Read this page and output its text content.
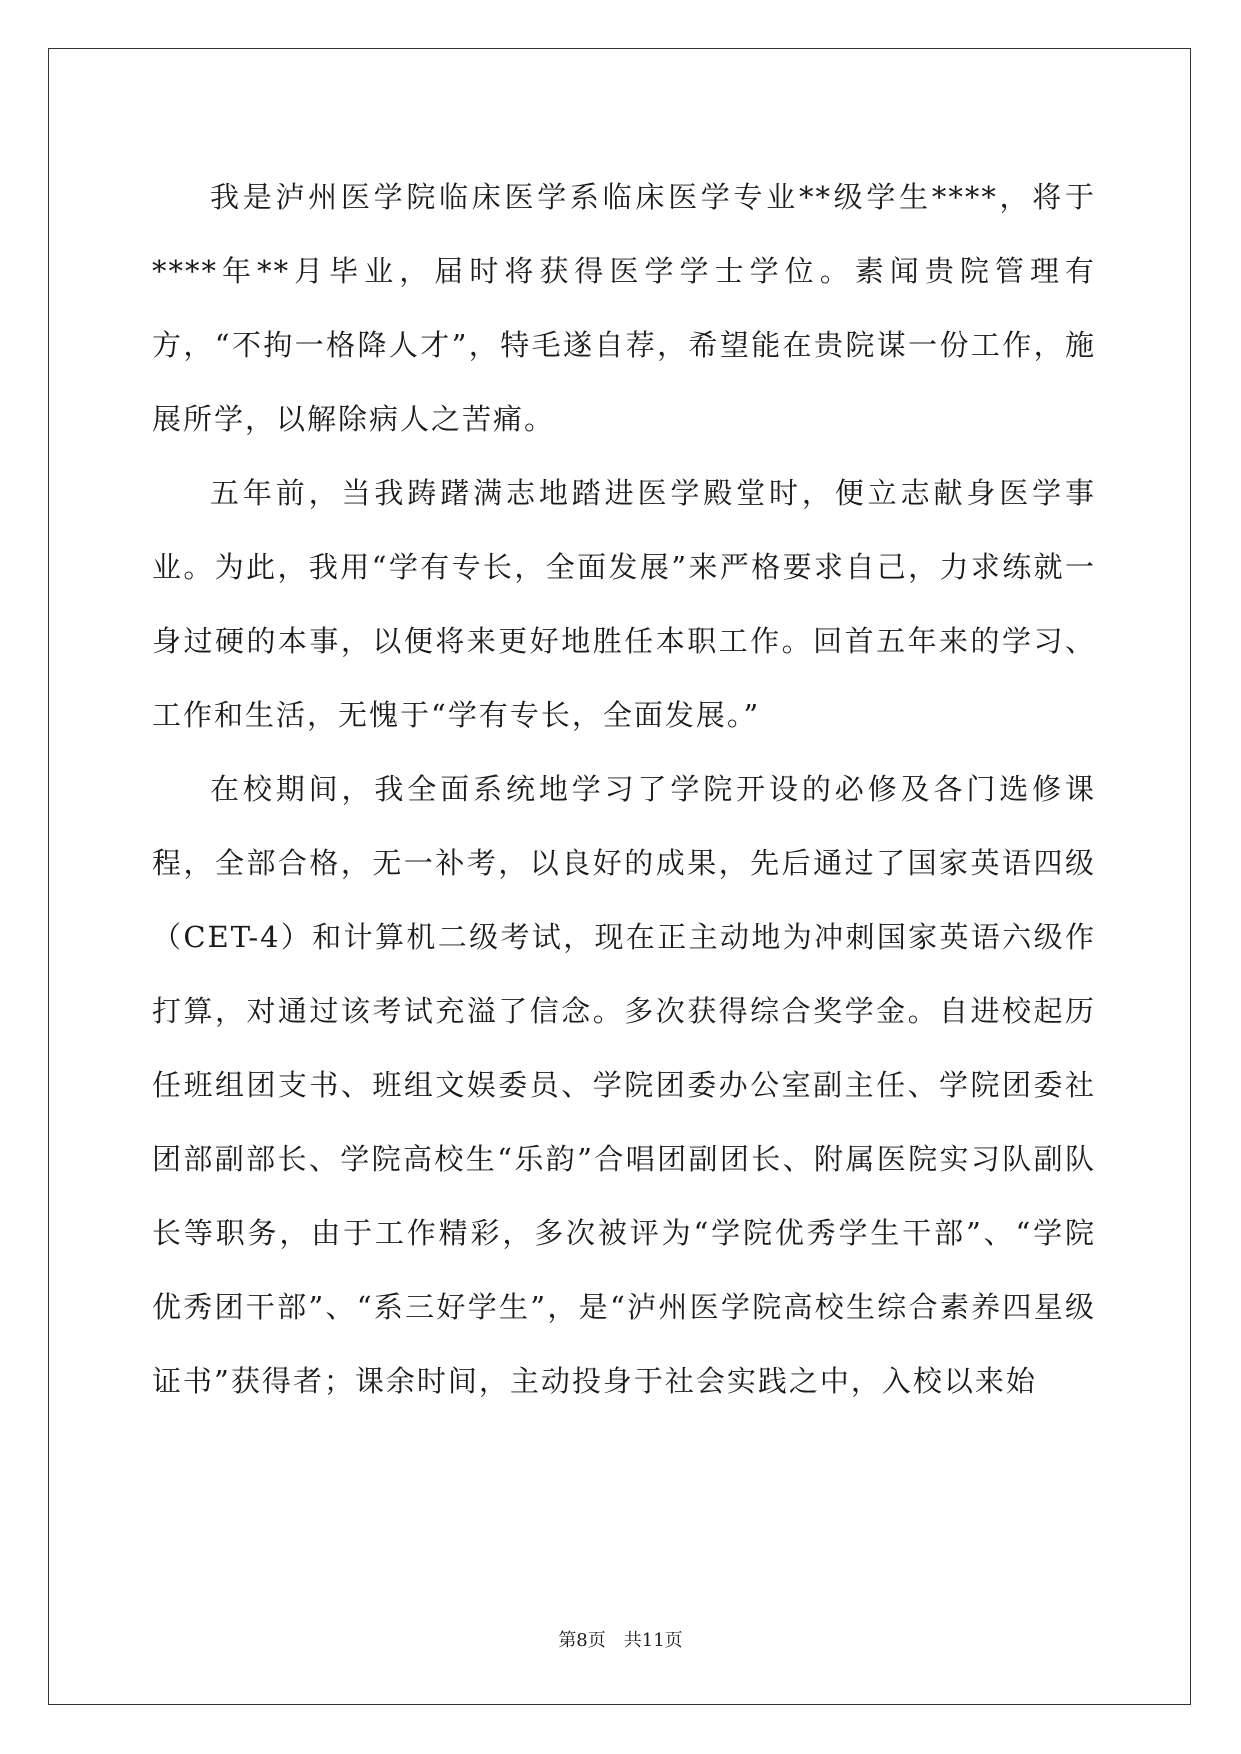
我是泸州医学院临床医学系临床医学专业**级学生****，将于****年**月毕业，届时将获得医学学士学位。素闻贵院管理有方，“不拘一格降人才”，特毛遂自荐，希望能在贵院谋一份工作，施展所学，以解除病人之苦痛。

五年前，当我踌躇满志地踏进医学殿堂时，便立志献身医学事业。为此，我用“学有专长，全面发展”来严格要求自己，力求练就一身过硬的本事，以便将来更好地胜任本职工作。回首五年来的学习、工作和生活，无愧于“学有专长，全面发展。”

在校期间，我全面系统地学习了学院开设的必修及各门选修课程，全部合格，无一补考，以良好的成果，先后通过了国家英语四级（CET-4）和计算机二级考试，现在正主动地为冲刺国家英语六级作打算，对通过该考试充溢了信念。多次获得综合奖学金。自进校起历任班组团支书、班组文娱委员、学院团委办公室副主任、学院团委社团部副部长、学院高校生“乐韵”合唱团副团长、附属医院实习队副队长等职务，由于工作精彩，多次被评为“学院优秀学生干部”、“学院优秀团干部”、“系三好学生”，是“泸州医学院高校生综合素养四星级证书”获得者；课余时间，主动投身于社会实践之中，入校以来始

第8页　共11页
